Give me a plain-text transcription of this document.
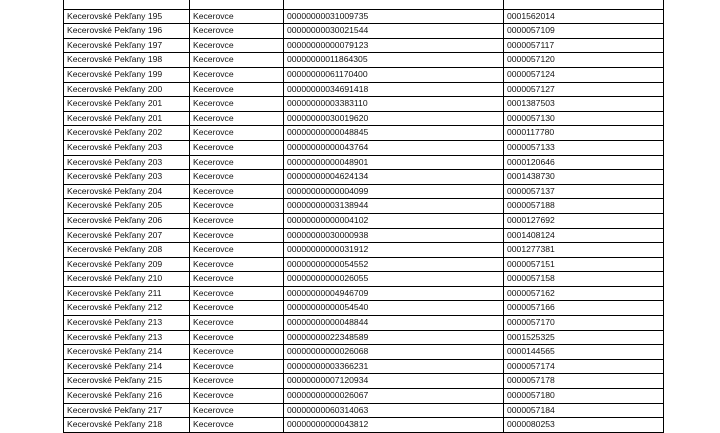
Kecerovské Pekľany 195	Kecerovce	00000000031009735	0001562014
Kecerovské Pekľany 196	Kecerovce	00000000030021544	0000057109
Kecerovské Pekľany 197	Kecerovce	00000000000079123	0000057117
Kecerovské Pekľany 198	Kecerovce	00000000011864305	0000057120
Kecerovské Pekľany 199	Kecerovce	00000000061170400	0000057124
Kecerovské Pekľany 200	Kecerovce	00000000034691418	0000057127
Kecerovské Pekľany 201	Kecerovce	00000000003383110	0001387503
Kecerovské Pekľany 201	Kecerovce	00000000030019620	0000057130
Kecerovské Pekľany 202	Kecerovce	00000000000048845	0000117780
Kecerovské Pekľany 203	Kecerovce	00000000000043764	0000057133
Kecerovské Pekľany 203	Kecerovce	00000000000048901	0000120646
Kecerovské Pekľany 203	Kecerovce	00000000004624134	0001438730
Kecerovské Pekľany 204	Kecerovce	00000000000004099	0000057137
Kecerovské Pekľany 205	Kecerovce	00000000003138944	0000057188
Kecerovské Pekľany 206	Kecerovce	00000000000004102	0000127692
Kecerovské Pekľany 207	Kecerovce	00000000030000938	0001408124
Kecerovské Pekľany 208	Kecerovce	00000000000031912	0001277381
Kecerovské Pekľany 209	Kecerovce	00000000000054552	0000057151
Kecerovské Pekľany 210	Kecerovce	00000000000026055	0000057158
Kecerovské Pekľany 211	Kecerovce	00000000004946709	0000057162
Kecerovské Pekľany 212	Kecerovce	00000000000054540	0000057166
Kecerovské Pekľany 213	Kecerovce	00000000000048844	0000057170
Kecerovské Pekľany 213	Kecerovce	00000000022348589	0001525325
Kecerovské Pekľany 214	Kecerovce	00000000000026068	0000144565
Kecerovské Pekľany 214	Kecerovce	00000000003366231	0000057174
Kecerovské Pekľany 215	Kecerovce	00000000007120934	0000057178
Kecerovské Pekľany 216	Kecerovce	00000000000026067	0000057180
Kecerovské Pekľany 217	Kecerovce	00000000060314063	0000057184
Kecerovské Pekľany 218	Kecerovce	00000000000043812	0000080253
